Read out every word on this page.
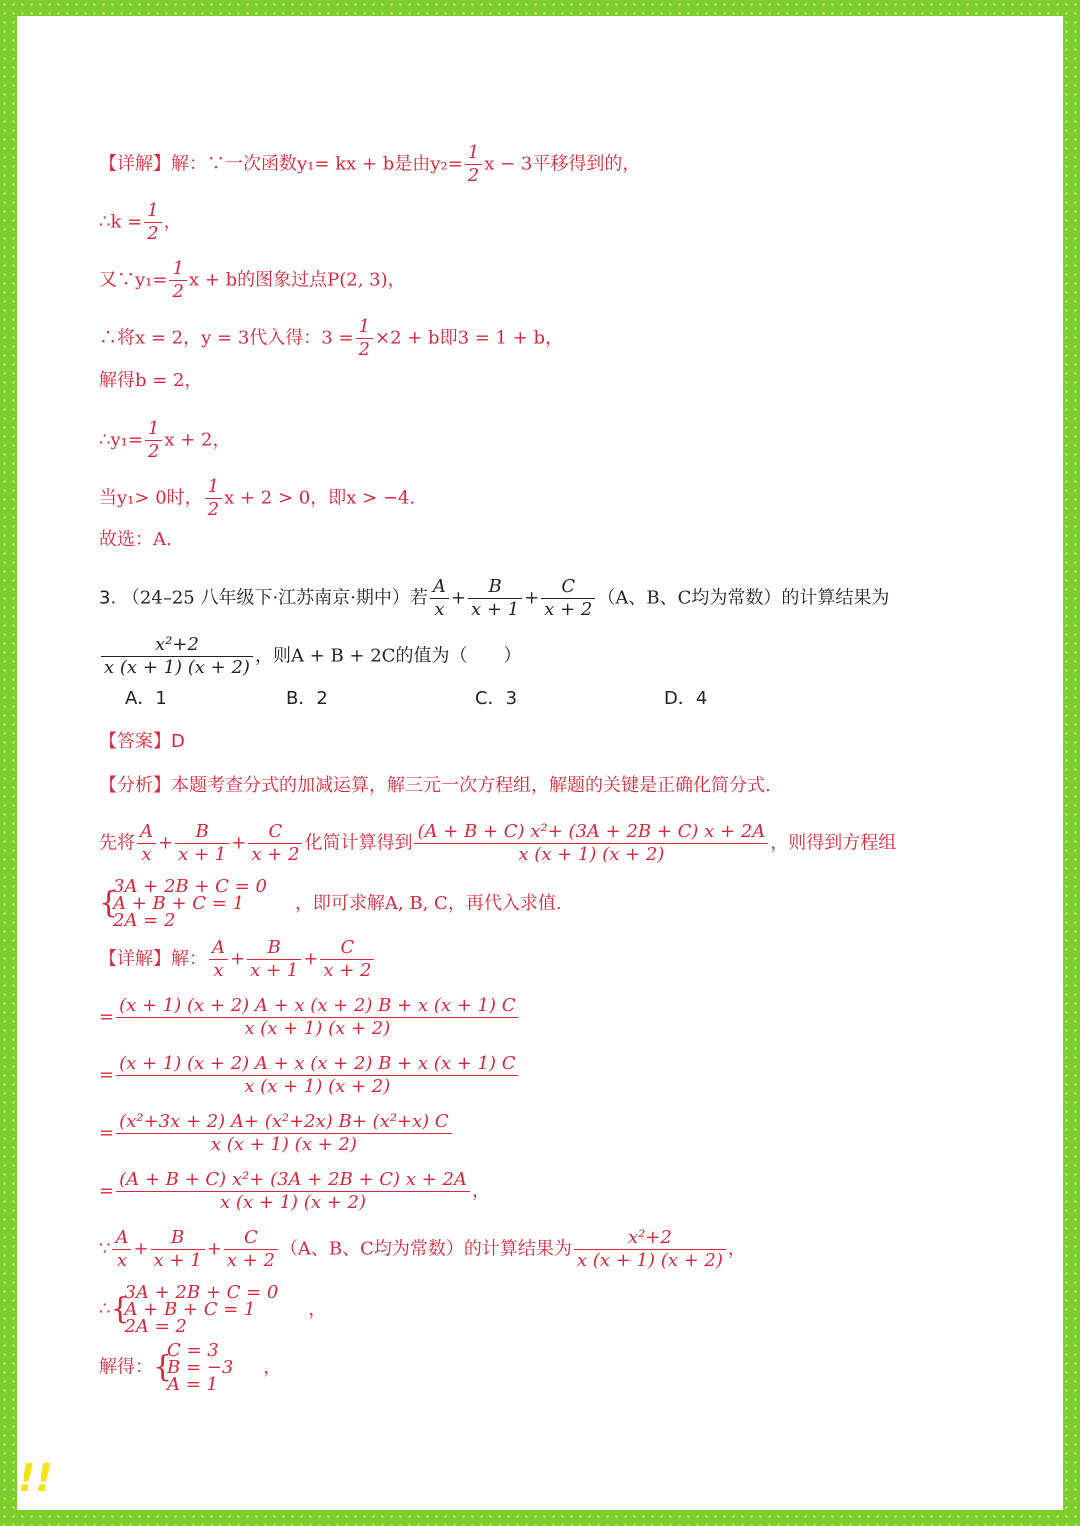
【详解】解：∵一次函数y₁= kx + b是由$y_2= \frac{1}{2}$ x − 3平移得到的，
∴k = $\frac{1}{2}$ ，
又∵y₁= $\frac{1}{2}$ x + b的图象过点P(2, 3)，
∴将x = 2，y = 3代入得：$3 = \frac{1}{2} \times 2 + b$即3 = 1 + b，
解得b = 2，
∴y₁= $\frac{1}{2}$ x + 2，
当y₁> 0时， $\frac{1}{2}$ x + 2 > 0，即x > −4.
故选：A.
3. （24–25 八年级下·江苏南京·期中）若 $\frac{A}{x} + \frac{B}{x + 1} + \frac{C}{x + 2} (A$、B、C均为常数）的计算结果为
$\frac{\text{x²+2}}{x (x + 1) (x + 2)}$ ，则A + B + 2C的值为（　　）
A．1	B．2	C．3	D．4
【答案】D
【分析】本题考查分式的加减运算，解三元一次方程组，解题的关键是正确化简分式.
先将 $\frac{A}{x} + \frac{B}{x + 1} + \frac{C}{x + 2}$ 化简计算得到 $\frac{\text{(A + B + C) x²+ (3A + 2B + C) x + 2A}}{x (x + 1) (x + 2)}$ ，则得到方程组
{ 3A + 2B + C = 0
A + B + C = 1
2A = 2
，即可求解A, B, C，再代入求值.
【详解】解： $\frac{A}{x} + \frac{B}{x + 1} + \frac{C}{x + 2}$
= $\frac{(x + 1) (x + 2) A + x (x + 2) B + x (x + 1) C}{x (x + 1) (x + 2)}$
= $\frac{(x + 1) (x + 2) A + x (x + 2) B + x (x + 1) C}{x (x + 1) (x + 2)}$
= $\frac{\text{(x²+3x + 2) A+ (x²+2x) B+ (x²+x) C}}{x (x + 1) (x + 2)}$
= $\frac{\text{(A + B + C) x²+ (3A + 2B + C) x + 2A}}{x (x + 1) (x + 2)}$ ，
∵ $\frac{A}{x} + \frac{B}{x + 1} + \frac{C}{x + 2} (A$、B、C均为常数）的计算结果为 $\frac{\text{x²+2}}{x (x + 1) (x + 2)}$ ，
∴
{ 3A + 2B + C = 0
A + B + C = 1
2A = 2
，
解得：
{ C = 3
B = −3
A = 1
，
!!
